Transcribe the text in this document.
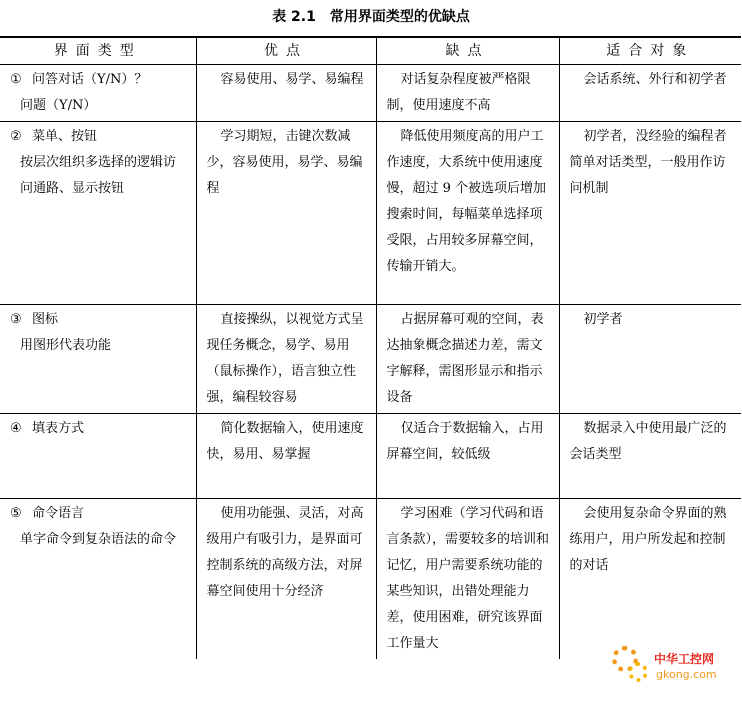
表 2.1 常用界面类型的优缺点
界面类型	优点	缺点	适合对象
① 问答对话（Y/N）？
问题（Y/N）	容易使用、易学、易编程	对话复杂程度被严格限制，使用速度不高	会话系统、外行和初学者
② 菜单、按钮
按层次组织多选择的逻辑访问通路、显示按钮	学习期短，击键次数减少，容易使用，易学、易编程	降低使用频度高的用户工作速度，大系统中使用速度慢，超过 9 个被选项后增加搜索时间，每幅菜单选择项受限，占用较多屏幕空间，传输开销大。	初学者，没经验的编程者简单对话类型，一般用作访问机制
③ 图标
用图形代表功能	直接操纵，以视觉方式呈现任务概念，易学、易用（鼠标操作），语言独立性强，编程较容易	占据屏幕可观的空间，表达抽象概念描述力差，需文字解释，需图形显示和指示设备	初学者
④ 填表方式	简化数据输入，使用速度快，易用、易掌握	仅适合于数据输入，占用屏幕空间，较低级	数据录入中使用最广泛的会话类型
⑤ 命令语言
单字命令到复杂语法的命令	使用功能强、灵活，对高级用户有吸引力，是界面可控制系统的高级方法，对屏幕空间使用十分经济	学习困难（学习代码和语言条款），需要较多的培训和记忆，用户需要系统功能的某些知识，出错处理能力差，使用困难，研究该界面工作量大	会使用复杂命令界面的熟练用户，用户所发起和控制的对话
中华工控网
gkong.com
